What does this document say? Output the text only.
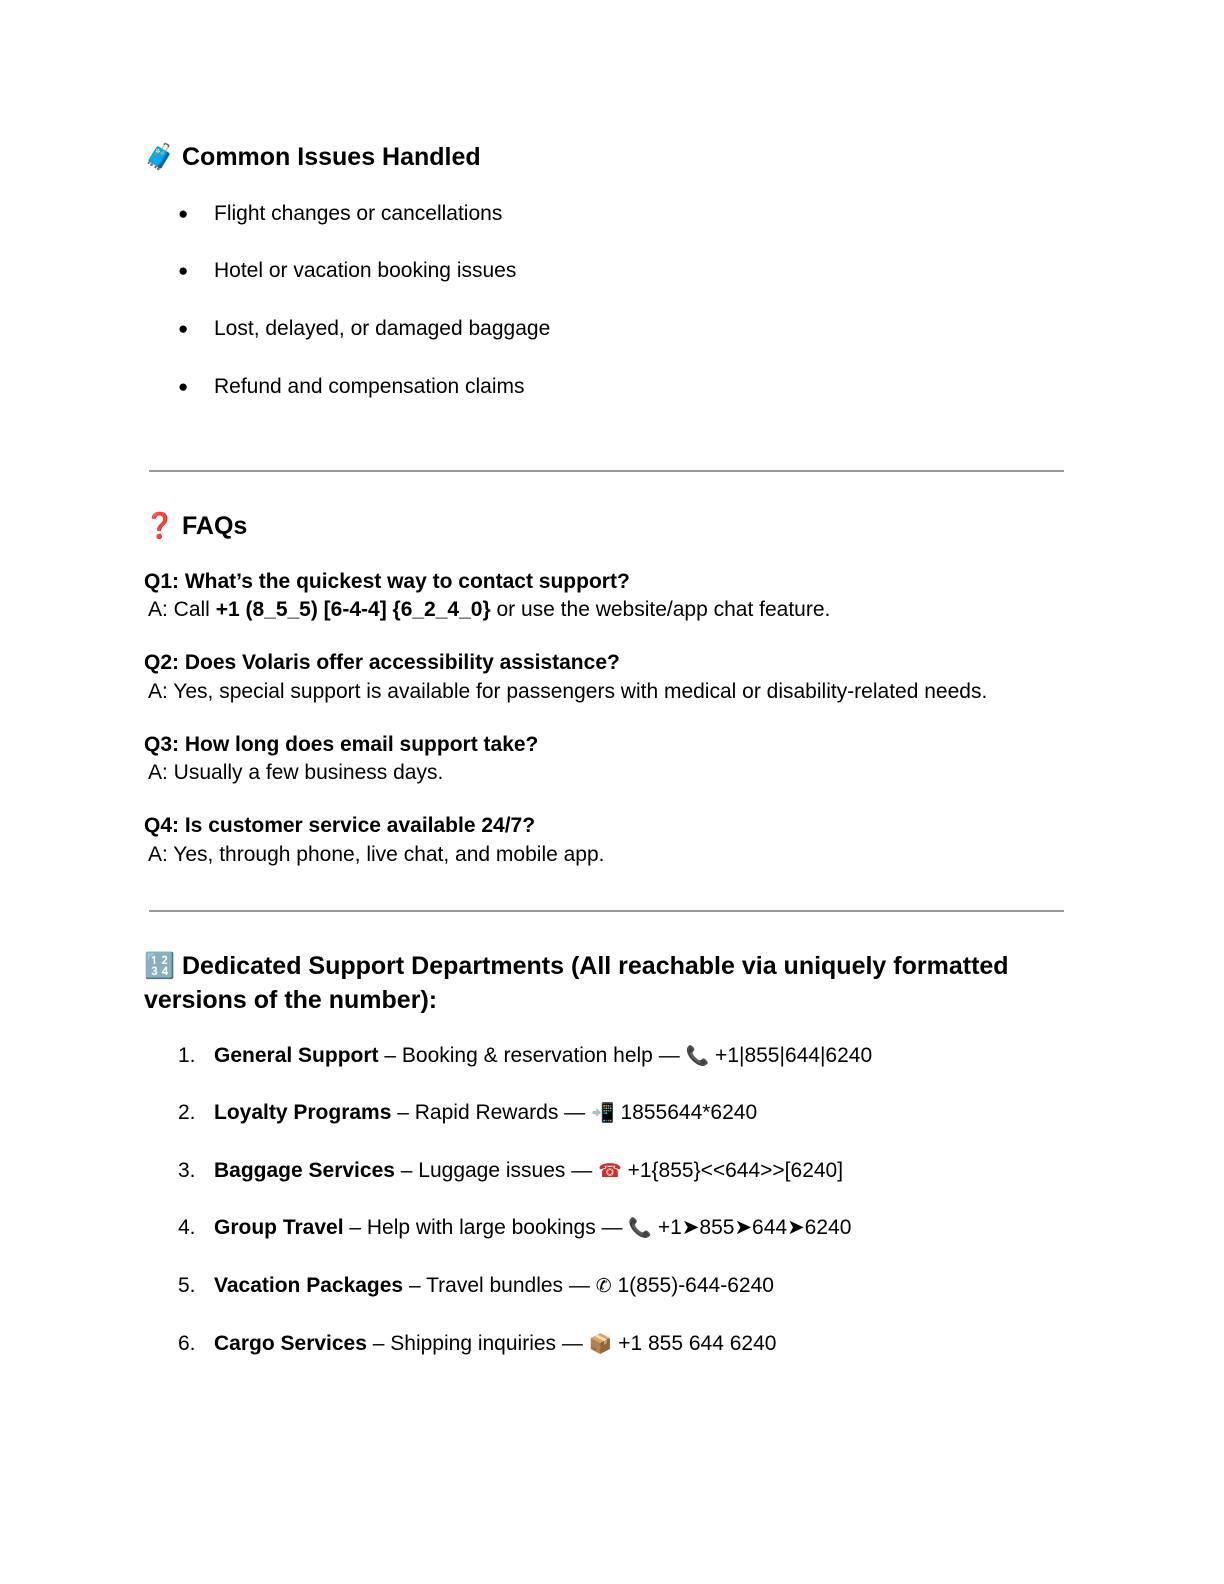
🧳 Common Issues Handled
● Flight changes or cancellations
● Hotel or vacation booking issues
● Lost, delayed, or damaged baggage
● Refund and compensation claims
❓ FAQs
Q1: What’s the quickest way to contact support?
A: Call +1 (8_5_5) [6-4-4] {6_2_4_0} or use the website/app chat feature.
Q2: Does Volaris offer accessibility assistance?
A: Yes, special support is available for passengers with medical or disability-related needs.
Q3: How long does email support take?
A: Usually a few business days.
Q4: Is customer service available 24/7?
A: Yes, through phone, live chat, and mobile app.
🔢 Dedicated Support Departments (All reachable via uniquely formatted
versions of the number):
1. General Support – Booking & reservation help — 📞 +1|855|644|6240
2. Loyalty Programs – Rapid Rewards — 📲 1855644*6240
3. Baggage Services – Luggage issues — ☎ +1{855}<<644>>[6240]
4. Group Travel – Help with large bookings — 📞 +1➤855➤644➤6240
5. Vacation Packages – Travel bundles — ✆ 1(855)-644-6240
6. Cargo Services – Shipping inquiries — 📦 +1 855 644 6240
